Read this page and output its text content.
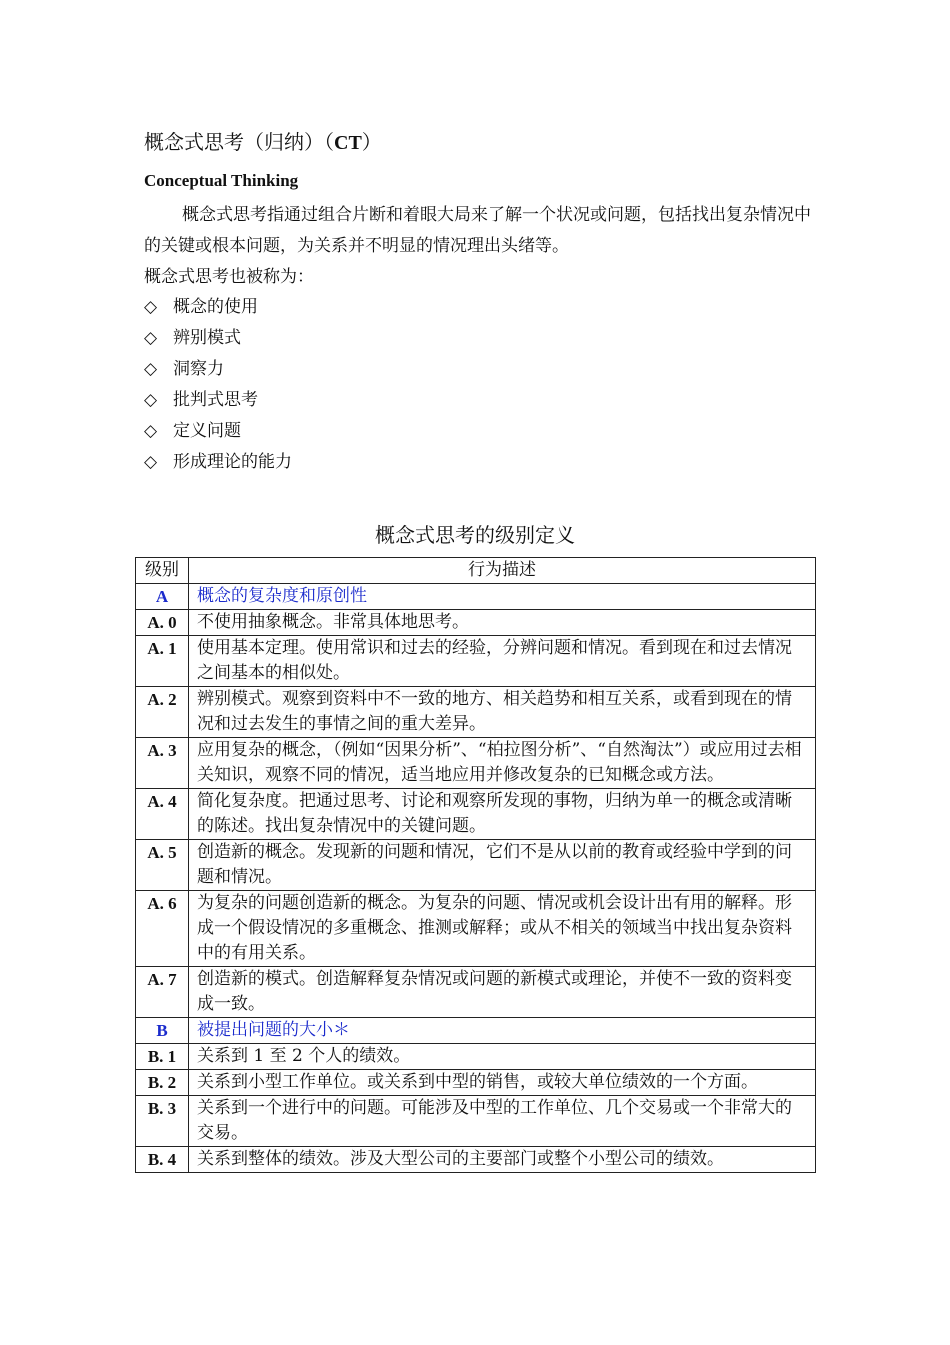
概念式思考（归纳）（CT）
Conceptual Thinking

概念式思考指通过组合片断和着眼大局来了解一个状况或问题，包括找出复杂情况中的关键或根本问题，为关系并不明显的情况理出头绪等。

概念式思考也被称为：

◇ 概念的使用
◇ 辨别模式
◇ 洞察力
◇ 批判式思考
◇ 定义问题
◇ 形成理论的能力
概念式思考的级别定义
级别	行为描述
A	概念的复杂度和原创性
A. 0	不使用抽象概念。非常具体地思考。
A. 1	使用基本定理。使用常识和过去的经验，分辨问题和情况。看到现在和过去情况之间基本的相似处。
A. 2	辨别模式。观察到资料中不一致的地方、相关趋势和相互关系，或看到现在的情况和过去发生的事情之间的重大差异。
A. 3	应用复杂的概念，（例如“因果分析”、“柏拉图分析”、“自然淘汰”）或应用过去相关知识，观察不同的情况，适当地应用并修改复杂的已知概念或方法。
A. 4	简化复杂度。把通过思考、讨论和观察所发现的事物，归纳为单一的概念或清晰的陈述。找出复杂情况中的关键问题。
A. 5	创造新的概念。发现新的问题和情况，它们不是从以前的教育或经验中学到的问题和情况。
A. 6	为复杂的问题创造新的概念。为复杂的问题、情况或机会设计出有用的解释。形成一个假设情况的多重概念、推测或解释；或从不相关的领域当中找出复杂资料中的有用关系。
A. 7	创造新的模式。创造解释复杂情况或问题的新模式或理论，并使不一致的资料变成一致。
B	被提出问题的大小＊
B. 1	关系到 1 至 2 个人的绩效。
B. 2	关系到小型工作单位。或关系到中型的销售，或较大单位绩效的一个方面。
B. 3	关系到一个进行中的问题。可能涉及中型的工作单位、几个交易或一个非常大的交易。
B. 4	关系到整体的绩效。涉及大型公司的主要部门或整个小型公司的绩效。
